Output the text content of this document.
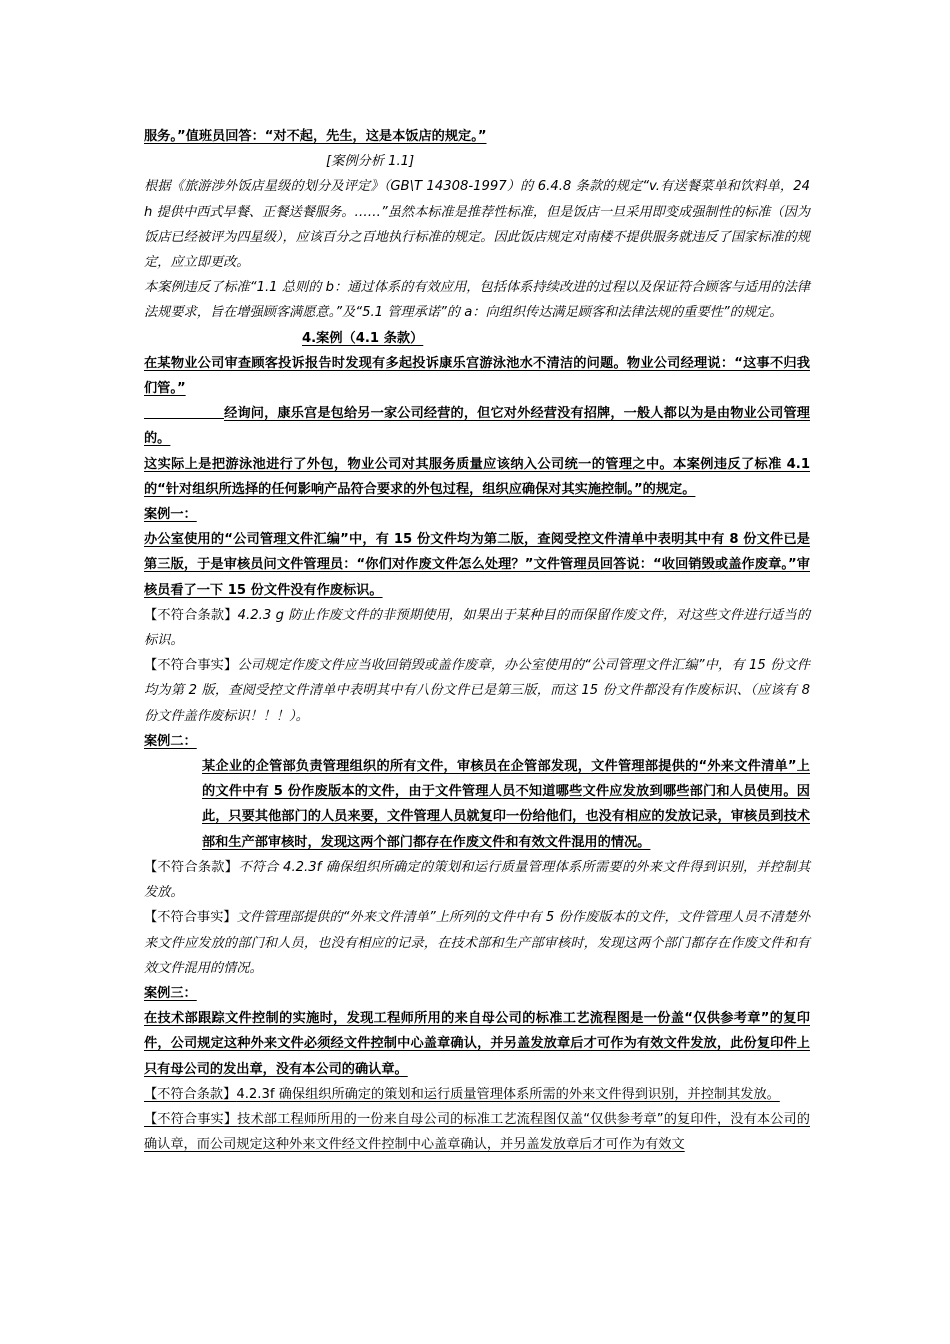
服务。”值班员回答：“对不起，先生，这是本饭店的规定。”

[案例分析 1.1]

根据《旅游涉外饭店星级的划分及评定》（GB\T 14308-1997）的 6.4.8 条款的规定“v.有送餐菜单和饮料单，24h 提供中西式早餐、正餐送餐服务。……”虽然本标准是推荐性标准，但是饭店一旦采用即变成强制性的标准（因为饭店已经被评为四星级），应该百分之百地执行标准的规定。因此饭店规定对南楼不提供服务就违反了国家标准的规定，应立即更改。

本案例违反了标准“1.1 总则的 b：通过体系的有效应用，包括体系持续改进的过程以及保证符合顾客与适用的法律法规要求，旨在增强顾客满愿意。”及“5.1 管理承诺”的 a：向组织传达满足顾客和法律法规的重要性”的规定。

4.案例（4.1 条款）

在某物业公司审查顾客投诉报告时发现有多起投诉康乐宫游泳池水不清洁的问题。物业公司经理说：“这事不归我们管。”

经询问，康乐宫是包给另一家公司经营的，但它对外经营没有招牌，一般人都以为是由物业公司管理的。

这实际上是把游泳池进行了外包，物业公司对其服务质量应该纳入公司统一的管理之中。本案例违反了标准 4.1 的“针对组织所选择的任何影响产品符合要求的外包过程，组织应确保对其实施控制。”的规定。

案例一：

办公室使用的“公司管理文件汇编”中，有 15 份文件均为第二版，查阅受控文件清单中表明其中有 8 份文件已是第三版，于是审核员问文件管理员：“你们对作废文件怎么处理？”文件管理员回答说：“收回销毁或盖作废章。”审核员看了一下 15 份文件没有作废标识。

【不符合条款】4.2.3 g 防止作废文件的非预期使用，如果出于某种目的而保留作废文件，对这些文件进行适当的标识。

【不符合事实】公司规定作废文件应当收回销毁或盖作废章，办公室使用的“公司管理文件汇编”中，有 15 份文件均为第 2 版，查阅受控文件清单中表明其中有八份文件已是第三版，而这 15 份文件都没有作废标识、（应该有 8 份文件盖作废标识！！！）。

案例二：

某企业的企管部负责管理组织的所有文件，审核员在企管部发现，文件管理部提供的“外来文件清单”上的文件中有 5 份作废版本的文件，由于文件管理人员不知道哪些文件应发放到哪些部门和人员使用。因此，只要其他部门的人员来要，文件管理人员就复印一份给他们，也没有相应的发放记录，审核员到技术部和生产部审核时，发现这两个部门都存在作废文件和有效文件混用的情况。

【不符合条款】不符合 4.2.3f 确保组织所确定的策划和运行质量管理体系所需要的外来文件得到识别，并控制其发放。

【不符合事实】文件管理部提供的“外来文件清单”上所列的文件中有 5 份作废版本的文件，文件管理人员不清楚外来文件应发放的部门和人员，也没有相应的记录，在技术部和生产部审核时，发现这两个部门都存在作废文件和有效文件混用的情况。

案例三：

在技术部跟踪文件控制的实施时，发现工程师所用的来自母公司的标准工艺流程图是一份盖“仅供参考章”的复印件，公司规定这种外来文件必须经文件控制中心盖章确认，并另盖发放章后才可作为有效文件发放，此份复印件上只有母公司的发出章，没有本公司的确认章。

【不符合条款】4.2.3f 确保组织所确定的策划和运行质量管理体系所需的外来文件得到识别，并控制其发放。

【不符合事实】技术部工程师所用的一份来自母公司的标准工艺流程图仅盖“仅供参考章”的复印件，没有本公司的确认章，而公司规定这种外来文件经文件控制中心盖章确认，并另盖发放章后才可作为有效文
